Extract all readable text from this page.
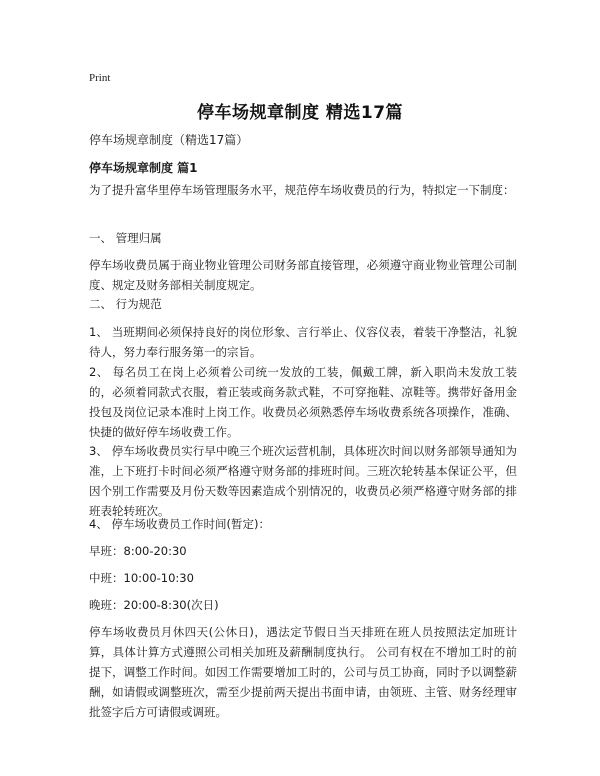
Print
停车场规章制度 精选17篇
停车场规章制度（精选17篇）
停车场规章制度 篇1
为了提升富华里停车场管理服务水平，规范停车场收费员的行为，特拟定一下制度：
一、 管理归属
停车场收费员属于商业物业管理公司财务部直接管理，必须遵守商业物业管理公司制度、规定及财务部相关制度规定。
二、 行为规范
1、 当班期间必须保持良好的岗位形象、言行举止、仪容仪表，着装干净整洁，礼貌待人，努力奉行服务第一的宗旨。
2、 每名员工在岗上必须着公司统一发放的工装，佩戴工牌，新入职尚未发放工装的，必须着同款式衣服，着正装或商务款式鞋，不可穿拖鞋、凉鞋等。携带好备用金投包及岗位记录本准时上岗工作。收费员必须熟悉停车场收费系统各项操作，准确、快捷的做好停车场收费工作。
3、 停车场收费员实行早中晚三个班次运营机制，具体班次时间以财务部领导通知为准，上下班打卡时间必须严格遵守财务部的排班时间。三班次轮转基本保证公平，但因个别工作需要及月份天数等因素造成个别情况的，收费员必须严格遵守财务部的排班表轮转班次。
4、 停车场收费员工作时间(暂定)：
早班：8:00-20:30
中班：10:00-10:30
晚班：20:00-8:30(次日)
停车场收费员月休四天(公休日)，遇法定节假日当天排班在班人员按照法定加班计算，具体计算方式遵照公司相关加班及薪酬制度执行。 公司有权在不增加工时的前提下，调整工作时间。如因工作需要增加工时的，公司与员工协商，同时予以调整薪酬，如请假或调整班次，需至少提前两天提出书面申请，由领班、主管、财务经理审批签字后方可请假或调班。
